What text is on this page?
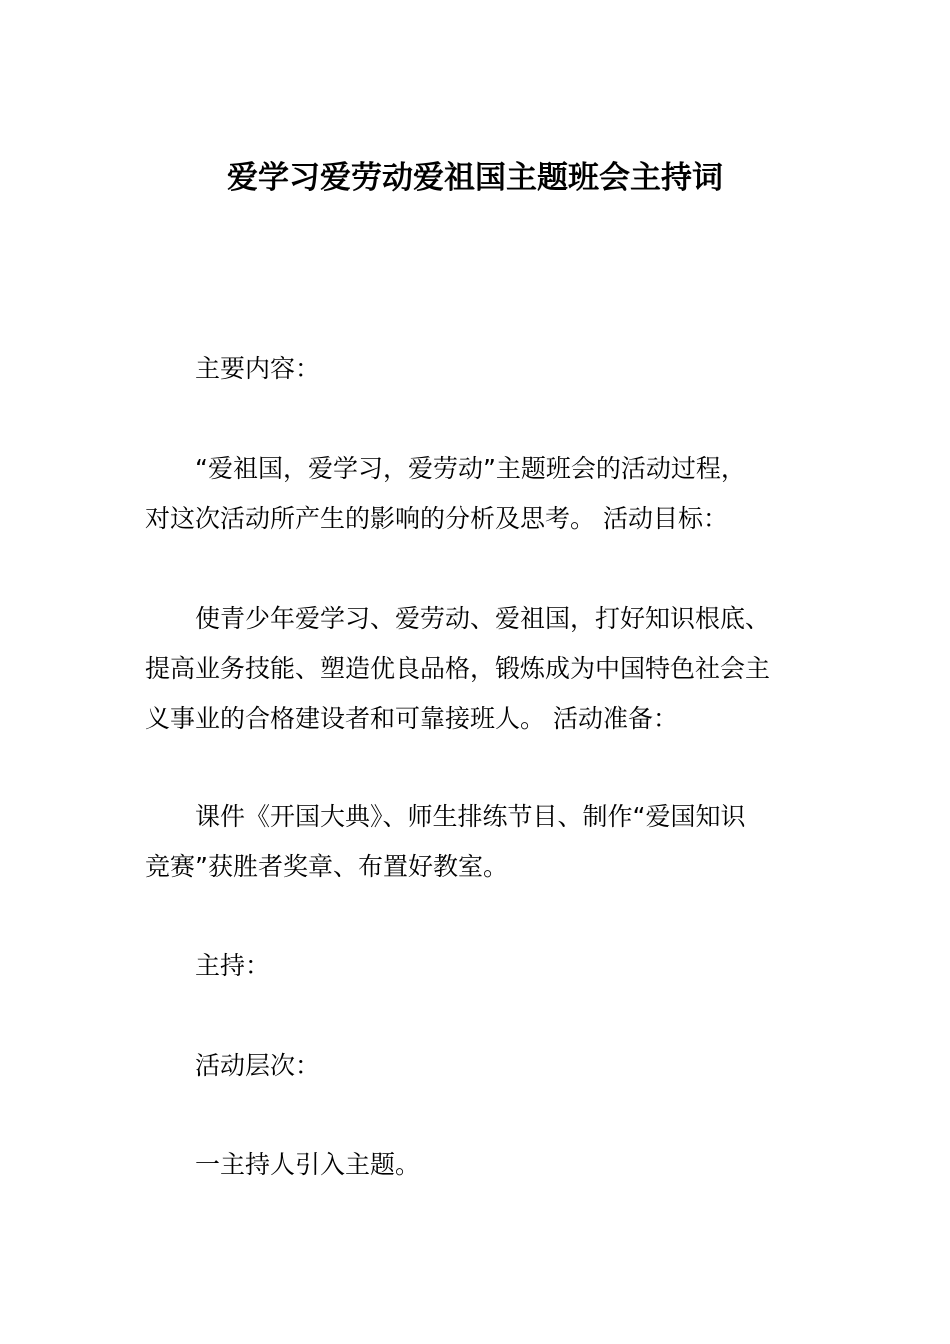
爱学习爱劳动爱祖国主题班会主持词

主要内容：

“爱祖国，爱学习，爱劳动”主题班会的活动过程，
对这次活动所产生的影响的分析及思考。 活动目标：

使青少年爱学习、爱劳动、爱祖国，打好知识根底、
提高业务技能、塑造优良品格，锻炼成为中国特色社会主
义事业的合格建设者和可靠接班人。 活动准备：

课件《开国大典》、师生排练节目、制作“爱国知识
竞赛”获胜者奖章、布置好教室。

主持：

活动层次：

一主持人引入主题。
